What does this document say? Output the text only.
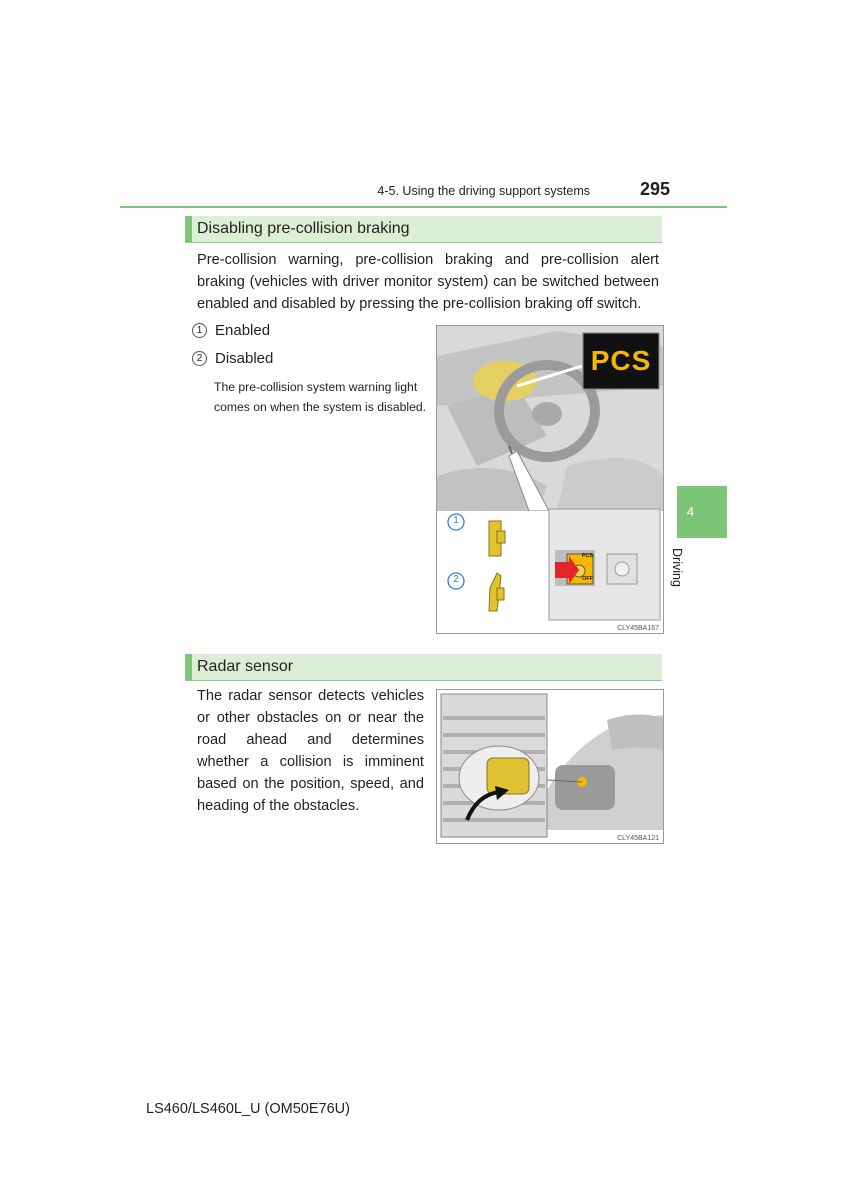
4-5. Using the driving support systems	295
Disabling pre-collision braking
Pre-collision warning, pre-collision braking and pre-collision alert braking (vehicles with driver monitor system) can be switched between enabled and disabled by pressing the pre-collision braking off switch.
1 Enabled
2 Disabled
The pre-collision system warning light comes on when the system is disabled.
PCS
PCS
OFF
1
2
CLY45BA167
Radar sensor
The radar sensor detects vehicles or other obstacles on or near the road ahead and determines whether a collision is imminent based on the position, speed, and heading of the obstacles.
CLY45BA121
4
Driving
LS460/LS460L_U (OM50E76U)
